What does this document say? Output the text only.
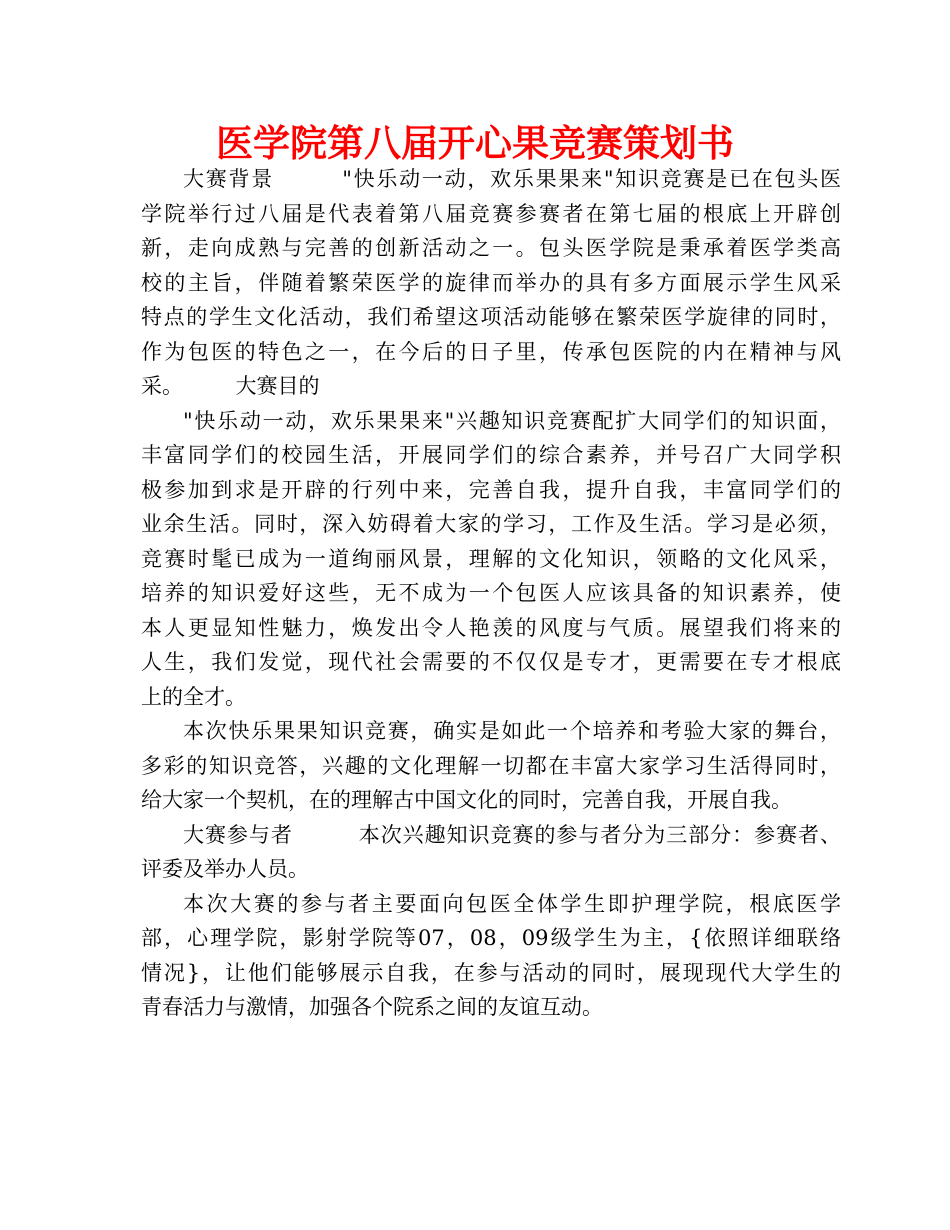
医学院第八届开心果竞赛策划书
大赛背景　　　"快乐动一动，欢乐果果来"知识竞赛是已在包头医
学院举行过八届是代表着第八届竞赛参赛者在第七届的根底上开辟创
新，走向成熟与完善的创新活动之一。包头医学院是秉承着医学类高
校的主旨，伴随着繁荣医学的旋律而举办的具有多方面展示学生风采
特点的学生文化活动，我们希望这项活动能够在繁荣医学旋律的同时，
作为包医的特色之一，在今后的日子里，传承包医院的内在精神与风
采。　　　大赛目的
"快乐动一动，欢乐果果来"兴趣知识竞赛配扩大同学们的知识面，
丰富同学们的校园生活，开展同学们的综合素养，并号召广大同学积
极参加到求是开辟的行列中来，完善自我，提升自我，丰富同学们的
业余生活。同时，深入妨碍着大家的学习，工作及生活。学习是必须，
竞赛时髦已成为一道绚丽风景，理解的文化知识，领略的文化风采，
培养的知识爱好这些，无不成为一个包医人应该具备的知识素养，使
本人更显知性魅力，焕发出令人艳羡的风度与气质。展望我们将来的
人生，我们发觉，现代社会需要的不仅仅是专才，更需要在专才根底
上的全才。
本次快乐果果知识竞赛，确实是如此一个培养和考验大家的舞台，
多彩的知识竞答，兴趣的文化理解一切都在丰富大家学习生活得同时，
给大家一个契机，在的理解古中国文化的同时，完善自我，开展自我。
大赛参与者　　　本次兴趣知识竞赛的参与者分为三部分：参赛者、
评委及举办人员。
本次大赛的参与者主要面向包医全体学生即护理学院，根底医学
部，心理学院，影射学院等07，08，09级学生为主，{依照详细联络
情况}，让他们能够展示自我，在参与活动的同时，展现现代大学生的
青春活力与激情，加强各个院系之间的友谊互动。
